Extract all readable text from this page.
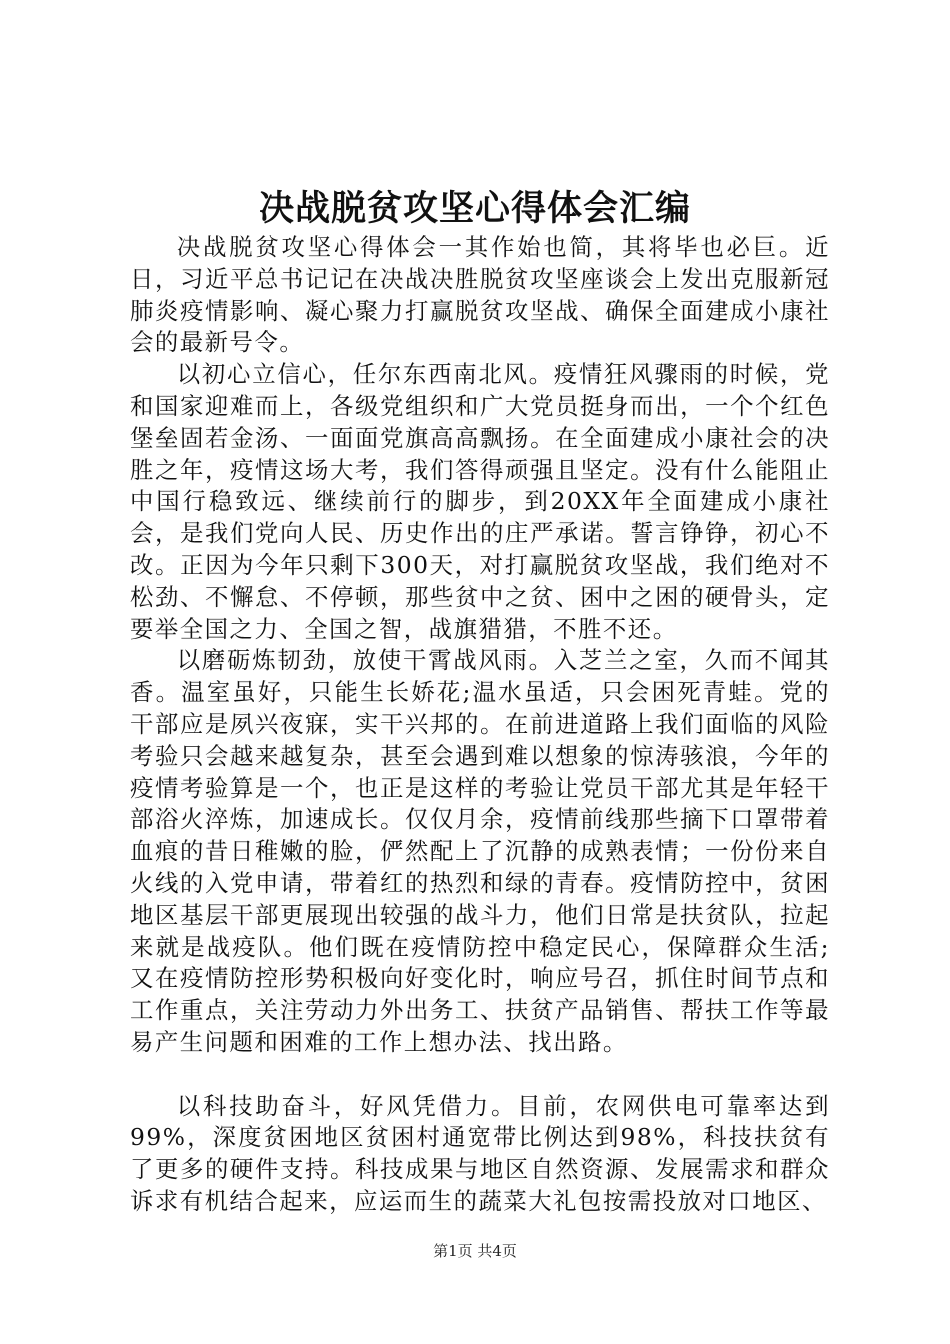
决战脱贫攻坚心得体会汇编

决战脱贫攻坚心得体会一其作始也简，其将毕也必巨。近日，习近平总书记记在决战决胜脱贫攻坚座谈会上发出克服新冠肺炎疫情影响、凝心聚力打赢脱贫攻坚战、确保全面建成小康社会的最新号令。

以初心立信心，任尔东西南北风。疫情狂风骤雨的时候，党和国家迎难而上，各级党组织和广大党员挺身而出，一个个红色堡垒固若金汤、一面面党旗高高飘扬。在全面建成小康社会的决胜之年，疫情这场大考，我们答得顽强且坚定。没有什么能阻止中国行稳致远、继续前行的脚步，到20XX年全面建成小康社会，是我们党向人民、历史作出的庄严承诺。誓言铮铮，初心不改。正因为今年只剩下300天，对打赢脱贫攻坚战，我们绝对不松劲、不懈怠、不停顿，那些贫中之贫、困中之困的硬骨头，定要举全国之力、全国之智，战旗猎猎，不胜不还。

以磨砺炼韧劲，放使干霄战风雨。入芝兰之室，久而不闻其香。温室虽好，只能生长娇花;温水虽适，只会困死青蛙。党的干部应是夙兴夜寐，实干兴邦的。在前进道路上我们面临的风险考验只会越来越复杂，甚至会遇到难以想象的惊涛骇浪，今年的疫情考验算是一个，也正是这样的考验让党员干部尤其是年轻干部浴火淬炼，加速成长。仅仅月余，疫情前线那些摘下口罩带着血痕的昔日稚嫩的脸，俨然配上了沉静的成熟表情；一份份来自火线的入党申请，带着红的热烈和绿的青春。疫情防控中，贫困地区基层干部更展现出较强的战斗力，他们日常是扶贫队，拉起来就是战疫队。他们既在疫情防控中稳定民心，保障群众生活;又在疫情防控形势积极向好变化时，响应号召，抓住时间节点和工作重点，关注劳动力外出务工、扶贫产品销售、帮扶工作等最易产生问题和困难的工作上想办法、找出路。

以科技助奋斗，好风凭借力。目前，农网供电可靠率达到99%，深度贫困地区贫困村通宽带比例达到98%，科技扶贫有了更多的硬件支持。科技成果与地区自然资源、发展需求和群众诉求有机结合起来，应运而生的蔬菜大礼包按需投放对口地区、

第1页 共4页
